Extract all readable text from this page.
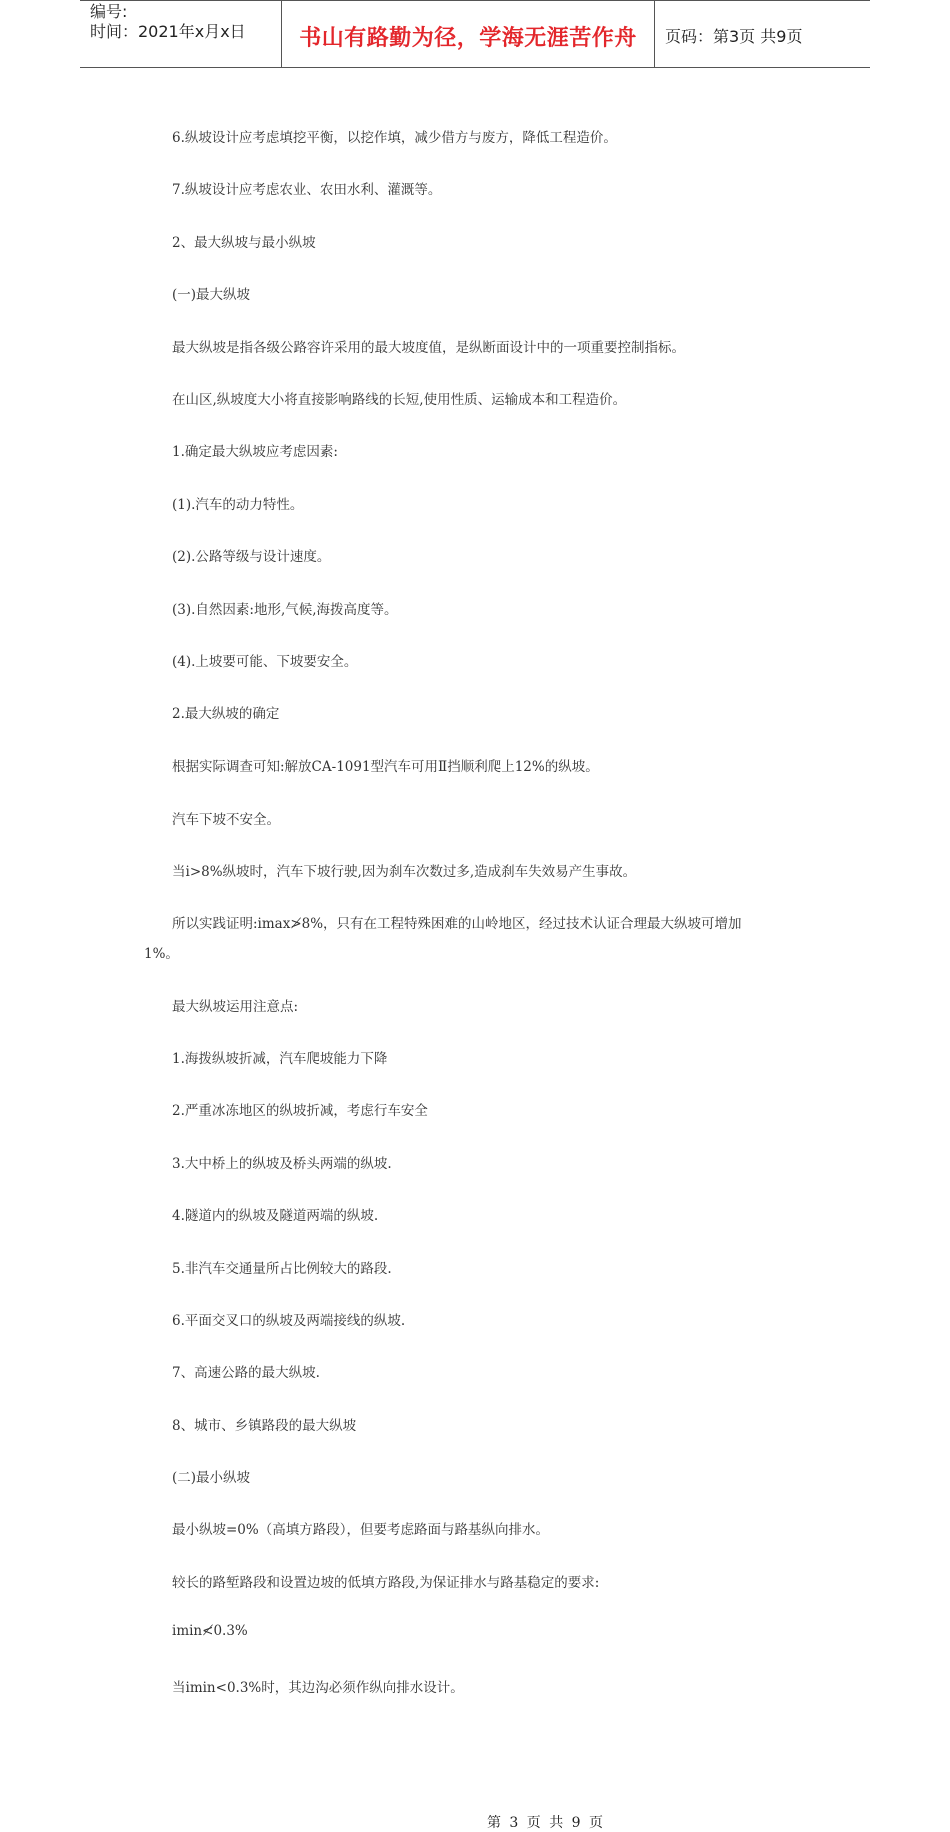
编号:
时间：2021年x月x日	书山有路勤为径，学海无涯苦作舟	页码：第3页 共9页
6.纵坡设计应考虑填挖平衡，以挖作填，减少借方与废方，降低工程造价。
7.纵坡设计应考虑农业、农田水利、灌溉等。
2、最大纵坡与最小纵坡
(一)最大纵坡
最大纵坡是指各级公路容许采用的最大坡度值，是纵断面设计中的一项重要控制指标。
在山区,纵坡度大小将直接影响路线的长短,使用性质、运输成本和工程造价。
1.确定最大纵坡应考虑因素:
(1).汽车的动力特性。
(2).公路等级与设计速度。
(3).自然因素:地形,气候,海拨高度等。
(4).上坡要可能、下坡要安全。
2.最大纵坡的确定
根据实际调查可知:解放CA-1091型汽车可用Ⅱ挡顺利爬上12%的纵坡。
汽车下坡不安全。
当i>8%纵坡时，汽车下坡行驶,因为刹车次数过多,造成刹车失效易产生事故。
所以实践证明:imax≯8%，只有在工程特殊困难的山岭地区，经过技术认证合理最大纵坡可增加
1%。
最大纵坡运用注意点:
1.海拨纵坡折减，汽车爬坡能力下降
2.严重冰冻地区的纵坡折减，考虑行车安全
3.大中桥上的纵坡及桥头两端的纵坡.
4.隧道内的纵坡及隧道两端的纵坡.
5.非汽车交通量所占比例较大的路段.
6.平面交叉口的纵坡及两端接线的纵坡.
7、高速公路的最大纵坡.
8、城市、乡镇路段的最大纵坡
(二)最小纵坡
最小纵坡=0%（高填方路段），但要考虑路面与路基纵向排水。
较长的路堑路段和设置边坡的低填方路段,为保证排水与路基稳定的要求:
imin≮0.3%
当imin<0.3%时，其边沟必须作纵向排水设计。
第 3 页 共 9 页
